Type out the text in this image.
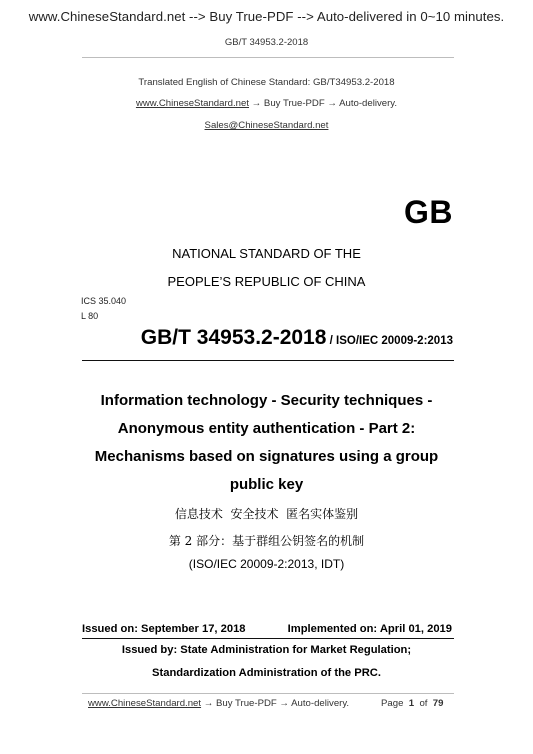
www.ChineseStandard.net --> Buy True-PDF --> Auto-delivered in 0~10 minutes.
GB/T 34953.2-2018
Translated English of Chinese Standard: GB/T34953.2-2018
www.ChineseStandard.net → Buy True-PDF → Auto-delivery.
Sales@ChineseStandard.net
GB
NATIONAL STANDARD OF THE
PEOPLE’S REPUBLIC OF CHINA
ICS 35.040
L 80
GB/T 34953.2-2018 / ISO/IEC 20009-2:2013
Information technology - Security techniques -
Anonymous entity authentication - Part 2:
Mechanisms based on signatures using a group
public key
信息技术  安全技术  匿名实体鉴别
第 2 部分：基于群组公钥签名的机制
(ISO/IEC 20009-2:2013, IDT)
Issued on: September 17, 2018	Implemented on: April 01, 2019
Issued by: State Administration for Market Regulation;
Standardization Administration of the PRC.
www.ChineseStandard.net → Buy True-PDF → Auto-delivery.	Page 1 of 79
